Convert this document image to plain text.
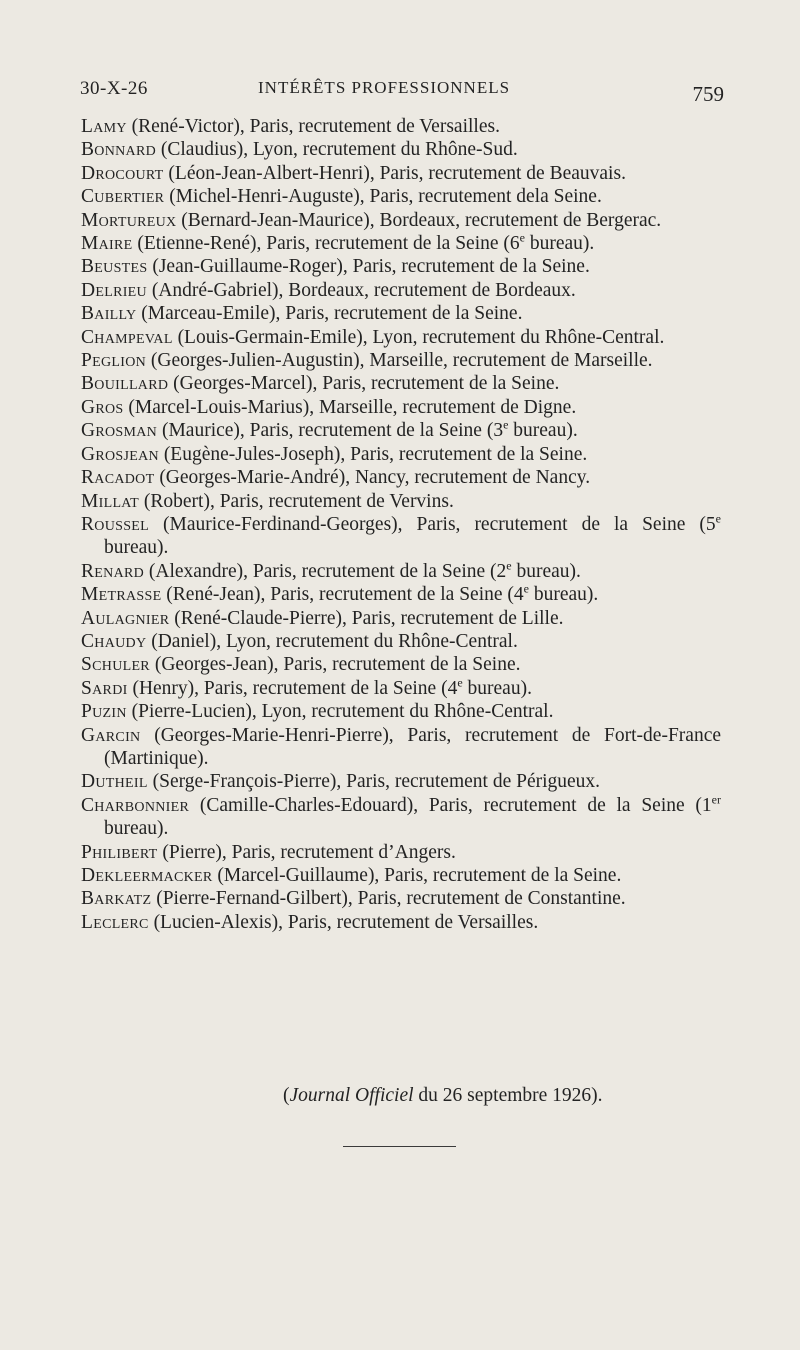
30-X-26	INTÉRÊTS PROFESSIONNELS	759
Lamy (René-Victor), Paris, recrutement de Versailles.
Bonnard (Claudius), Lyon, recrutement du Rhône-Sud.
Drocourt (Léon-Jean-Albert-Henri), Paris, recrutement de Beauvais.
Cubertier (Michel-Henri-Auguste), Paris, recrutement dela Seine.
Mortureux (Bernard-Jean-Maurice), Bordeaux, recrutement de Bergerac.
Maire (Etienne-René), Paris, recrutement de la Seine (6e bureau).
Beustes (Jean-Guillaume-Roger), Paris, recrutement de la Seine.
Delrieu (André-Gabriel), Bordeaux, recrutement de Bordeaux.
Bailly (Marceau-Emile), Paris, recrutement de la Seine.
Champeval (Louis-Germain-Emile), Lyon, recrutement du Rhône-Central.
Peglion (Georges-Julien-Augustin), Marseille, recrutement de Marseille.
Bouillard (Georges-Marcel), Paris, recrutement de la Seine.
Gros (Marcel-Louis-Marius), Marseille, recrutement de Digne.
Grosman (Maurice), Paris, recrutement de la Seine (3e bureau).
Grosjean (Eugène-Jules-Joseph), Paris, recrutement de la Seine.
Racadot (Georges-Marie-André), Nancy, recrutement de Nancy.
Millat (Robert), Paris, recrutement de Vervins.
Roussel (Maurice-Ferdinand-Georges), Paris, recrutement de la Seine (5e bureau).
Renard (Alexandre), Paris, recrutement de la Seine (2e bureau).
Metrasse (René-Jean), Paris, recrutement de la Seine (4e bureau).
Aulagnier (René-Claude-Pierre), Paris, recrutement de Lille.
Chaudy (Daniel), Lyon, recrutement du Rhône-Central.
Schuler (Georges-Jean), Paris, recrutement de la Seine.
Sardi (Henry), Paris, recrutement de la Seine (4e bureau).
Puzin (Pierre-Lucien), Lyon, recrutement du Rhône-Central.
Garcin (Georges-Marie-Henri-Pierre), Paris, recrutement de Fort-de-France (Martinique).
Dutheil (Serge-François-Pierre), Paris, recrutement de Périgueux.
Charbonnier (Camille-Charles-Edouard), Paris, recrutement de la Seine (1er bureau).
Philibert (Pierre), Paris, recrutement d’Angers.
Dekleermacker (Marcel-Guillaume), Paris, recrutement de la Seine.
Barkatz (Pierre-Fernand-Gilbert), Paris, recrutement de Constantine.
Leclerc (Lucien-Alexis), Paris, recrutement de Versailles.
(Journal Officiel du 26 septembre 1926).
